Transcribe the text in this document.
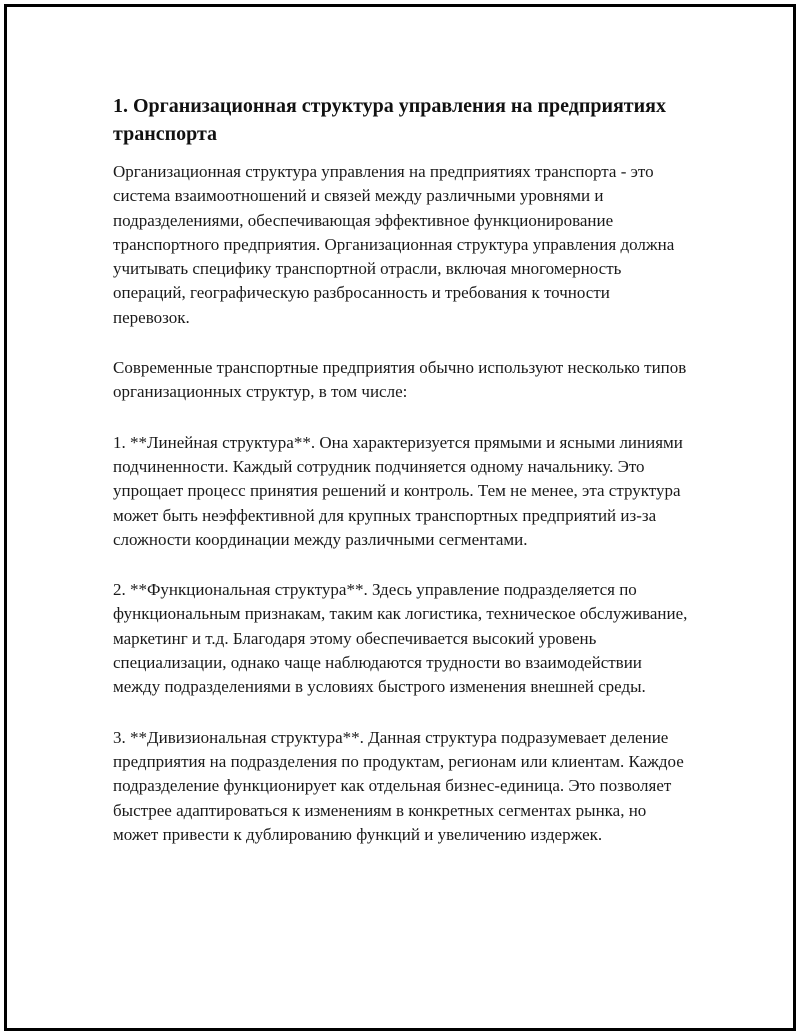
1. Организационная структура управления на предприятиях транспорта

Организационная структура управления на предприятиях транспорта - это система взаимоотношений и связей между различными уровнями и подразделениями, обеспечивающая эффективное функционирование транспортного предприятия. Организационная структура управления должна учитывать специфику транспортной отрасли, включая многомерность операций, географическую разбросанность и требования к точности перевозок.

Современные транспортные предприятия обычно используют несколько типов организационных структур, в том числе:

1. **Линейная структура**. Она характеризуется прямыми и ясными линиями подчиненности. Каждый сотрудник подчиняется одному начальнику. Это упрощает процесс принятия решений и контроль. Тем не менее, эта структура может быть неэффективной для крупных транспортных предприятий из-за сложности координации между различными сегментами.

2. **Функциональная структура**. Здесь управление подразделяется по функциональным признакам, таким как логистика, техническое обслуживание, маркетинг и т.д. Благодаря этому обеспечивается высокий уровень специализации, однако чаще наблюдаются трудности во взаимодействии между подразделениями в условиях быстрого изменения внешней среды.

3. **Дивизиональная структура**. Данная структура подразумевает деление предприятия на подразделения по продуктам, регионам или клиентам. Каждое подразделение функционирует как отдельная бизнес-единица. Это позволяет быстрее адаптироваться к изменениям в конкретных сегментах рынка, но может привести к дублированию функций и увеличению издержек.
